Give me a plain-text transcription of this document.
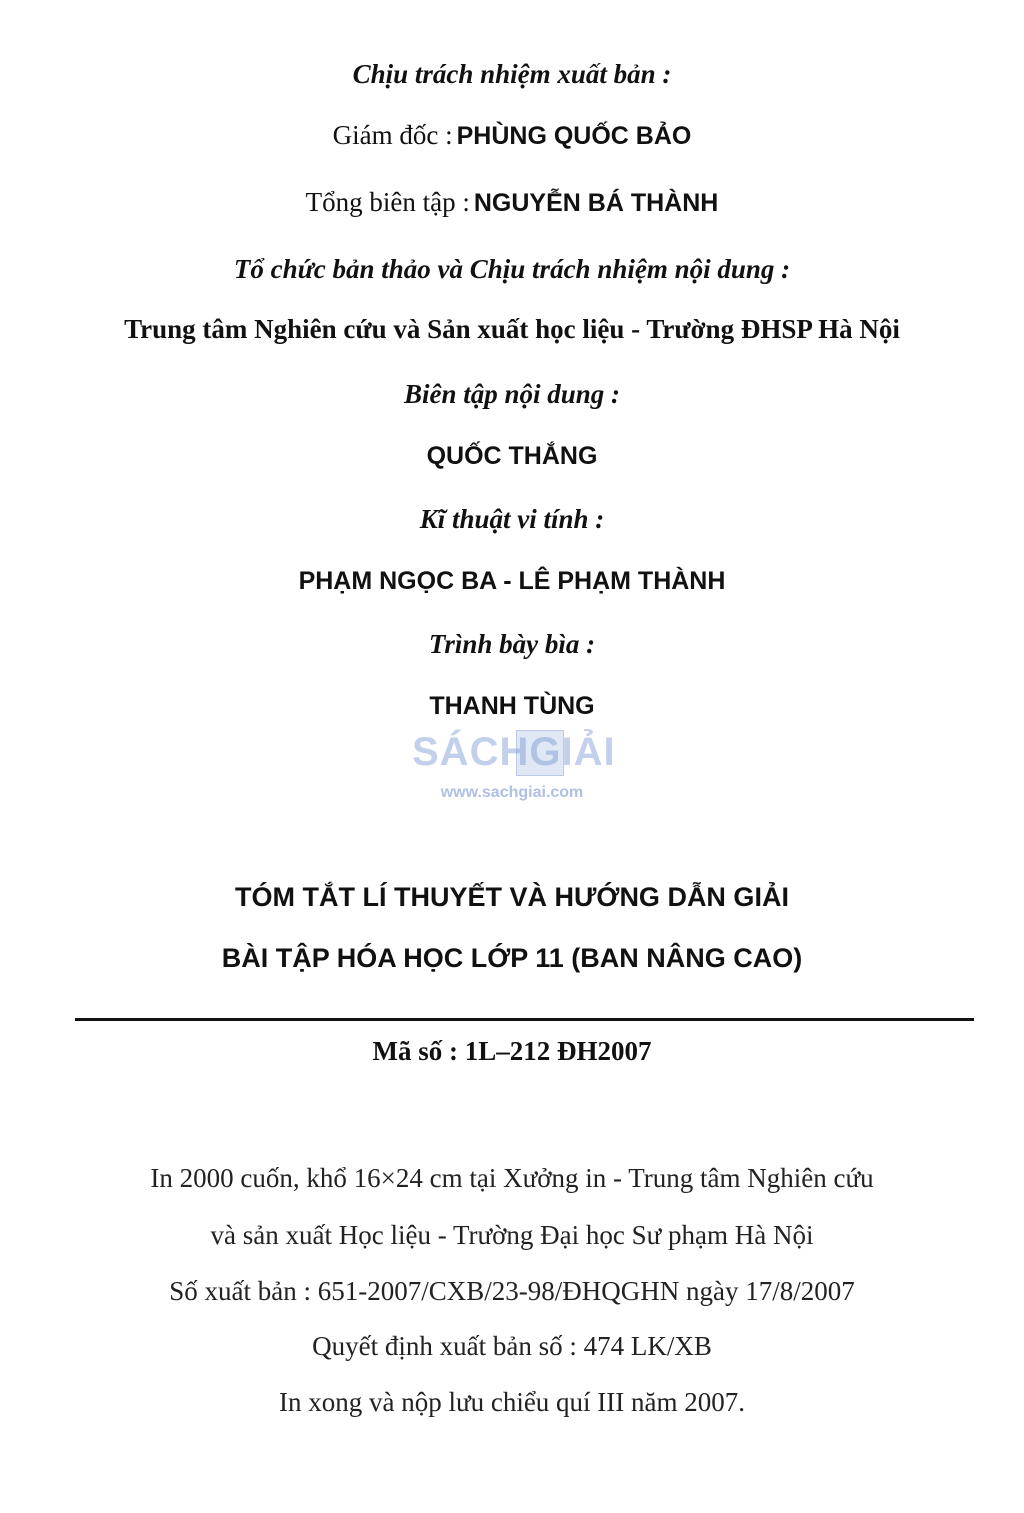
Chịu trách nhiệm xuất bản :
Giám đốc : PHÙNG QUỐC BẢO
Tổng biên tập : NGUYỄN BÁ THÀNH
Tổ chức bản thảo và Chịu trách nhiệm nội dung :
Trung tâm Nghiên cứu và Sản xuất học liệu - Trường ĐHSP Hà Nội
Biên tập nội dung :
QUỐC THẮNG
Kĩ thuật vi tính :
PHẠM NGỌC BA - LÊ PHẠM THÀNH
Trình bày bìa :
THANH TÙNG
SÁCHGIẢI
www.sachgiai.com
TÓM TẮT LÍ THUYẾT VÀ HƯỚNG DẪN GIẢI
BÀI TẬP HÓA HỌC LỚP 11 (BAN NÂNG CAO)
Mã số : 1L–212 ĐH2007
In 2000 cuốn, khổ 16×24 cm tại Xưởng in - Trung tâm Nghiên cứu
và sản xuất Học liệu - Trường Đại học Sư phạm Hà Nội
Số xuất bản : 651-2007/CXB/23-98/ĐHQGHN ngày 17/8/2007
Quyết định xuất bản số : 474 LK/XB
In xong và nộp lưu chiểu quí III năm 2007.
